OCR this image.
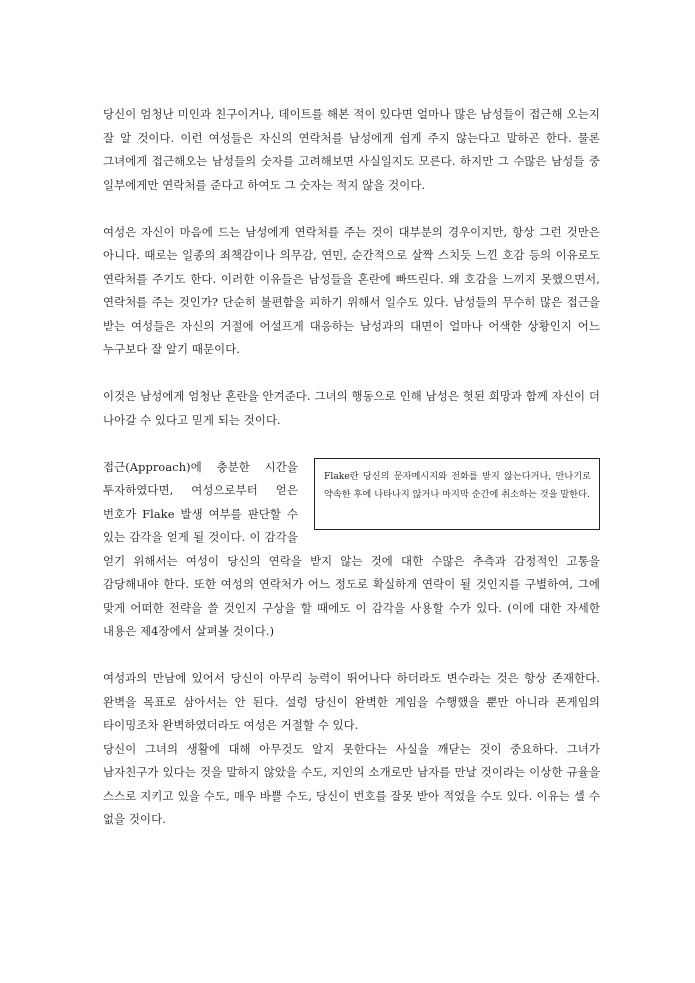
당신이 엄청난 미인과 친구이거나, 데이트를 해본 적이 있다면 얼마나 많은 남성들이 접근해 오는지 잘 알 것이다. 이런 여성들은 자신의 연락처를 남성에게 쉽게 주지 않는다고 말하곤 한다. 물론 그녀에게 접근해오는 남성들의 숫자를 고려해보면 사실일지도 모른다. 하지만 그 수많은 남성들 중 일부에게만 연락처를 준다고 하여도 그 숫자는 적지 않을 것이다.

여성은 자신이 마음에 드는 남성에게 연락처를 주는 것이 대부분의 경우이지만, 항상 그런 것만은 아니다. 때로는 일종의 죄책감이나 의무감, 연민, 순간적으로 살짝 스치듯 느낀 호감 등의 이유로도 연락처를 주기도 한다. 이러한 이유들은 남성들을 혼란에 빠뜨린다. 왜 호감을 느끼지 못했으면서, 연락처를 주는 것인가? 단순히 불편함을 피하기 위해서 일수도 있다. 남성들의 무수히 많은 접근을 받는 여성들은 자신의 거절에 어설프게 대응하는 남성과의 대면이 얼마나 어색한 상황인지 어느 누구보다 잘 알기 때문이다.

이것은 남성에게 엄청난 혼란을 안겨준다. 그녀의 행동으로 인해 남성은 헛된 희망과 함께 자신이 더 나아갈 수 있다고 믿게 되는 것이다.

Flake란 당신의 문자메시지와 전화를 받지 않는다거나, 만나기로 약속한 후에 나타나지 않거나 마지막 순간에 취소하는 것을 말한다.

접근(Approach)에 충분한 시간을 투자하였다면, 여성으로부터 얻은 번호가 Flake 발생 여부를 판단할 수 있는 감각을 얻게 될 것이다. 이 감각을 얻기 위해서는 여성이 당신의 연락을 받지 않는 것에 대한 수많은 추측과 감정적인 고통을 감당해내야 한다. 또한 여성의 연락처가 어느 정도로 확실하게 연락이 될 것인지를 구별하여, 그에 맞게 어떠한 전략을 쓸 것인지 구상을 할 때에도 이 감각을 사용할 수가 있다. (이에 대한 자세한 내용은 제4장에서 살펴볼 것이다.)

여성과의 만남에 있어서 당신이 아무리 능력이 뛰어나다 하더라도 변수라는 것은 항상 존재한다. 완벽을 목표로 삼아서는 안 된다. 설령 당신이 완벽한 게임을 수행했을 뿐만 아니라 폰게임의 타이밍조차 완벽하였더라도 여성은 거절할 수 있다.

당신이 그녀의 생활에 대해 아무것도 알지 못한다는 사실을 깨닫는 것이 중요하다. 그녀가 남자친구가 있다는 것을 말하지 않았을 수도, 지인의 소개로만 남자를 만날 것이라는 이상한 규율을 스스로 지키고 있을 수도, 매우 바쁠 수도, 당신이 번호를 잘못 받아 적었을 수도 있다. 이유는 셀 수 없을 것이다.
